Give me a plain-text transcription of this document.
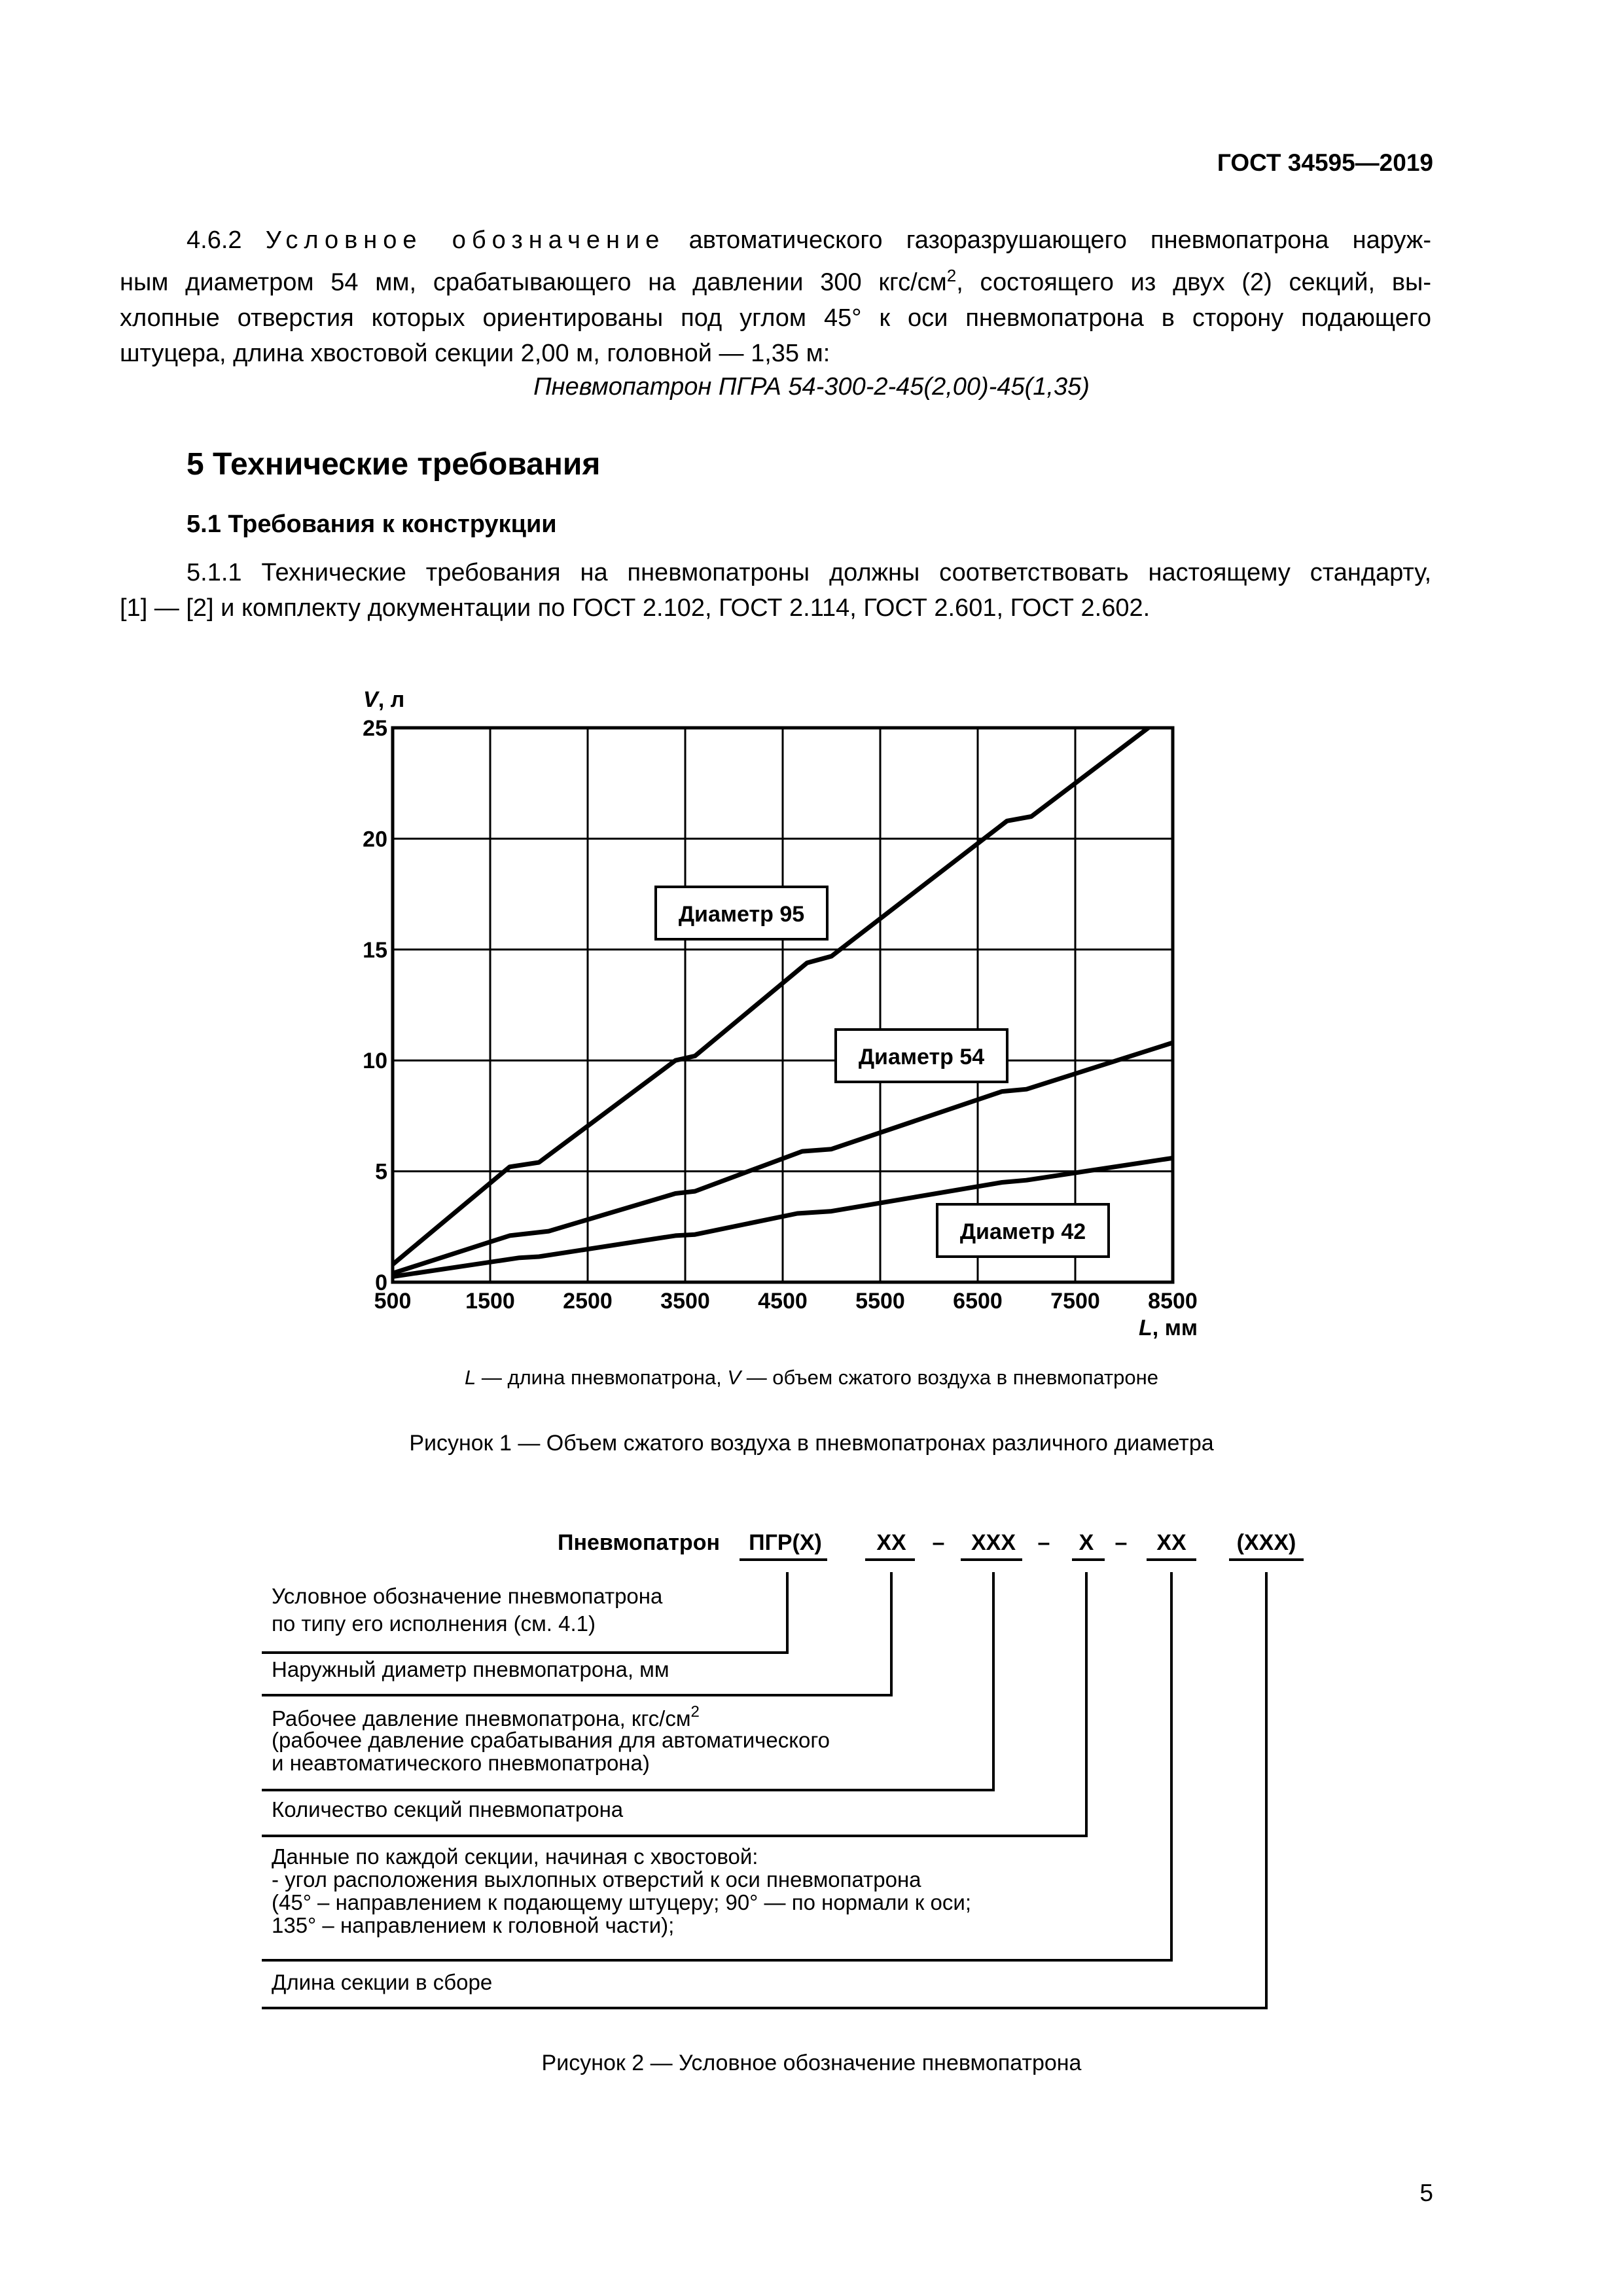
ГОСТ 34595—2019
4.6.2 Условное обозначение автоматического газоразрушающего пневмопатрона наруж-
ным диаметром 54 мм, срабатывающего на давлении 300 кгс/$см^2$, состоящего из двух (2) секций, вы-
хлопные отверстия которых ориентированы под углом 45° к оси пневмопатрона в сторону подающего
штуцера, длина хвостовой секции 2,00 м, головной — 1,35 м:
Пневмопатрон ПГРА 54-300-2-45(2,00)-45(1,35)
5 Технические требования
5.1 Требования к конструкции
5.1.1 Технические требования на пневмопатроны должны соответствовать настоящему стандарту,
[1] — [2] и комплекту документации по ГОСТ 2.102, ГОСТ 2.114, ГОСТ 2.601, ГОСТ 2.602.
500 1500 2500 3500 4500 5500 6500 7500 8500
0
5
10
15
20
25
V, л
L, мм
Диаметр 95
Диаметр 54
Диаметр 42
L — длина пневмопатрона, V — объем сжатого воздуха в пневмопатроне
Рисунок 1 — Объем сжатого воздуха в пневмопатронах различного диаметра
Пневмопатрон ПГР(Х) ХХ – ХХХ – Х – ХХ (ХХХ)
Условное обозначение пневмопатрона
по типу его исполнения (см. 4.1)
Наружный диаметр пневмопатрона, мм
Рабочее давление пневмопатрона, кгс/$см^2$
(рабочее давление срабатывания для автоматического
и неавтоматического пневмопатрона)
Количество секций пневмопатрона
Данные по каждой секции, начиная с хвостовой:
- угол расположения выхлопных отверстий к оси пневмопатрона
(45° – направлением к подающему штуцеру; 90° — по нормали к оси;
135° – направлением к головной части);
Длина секции в сборе
Рисунок 2 — Условное обозначение пневмопатрона
5
